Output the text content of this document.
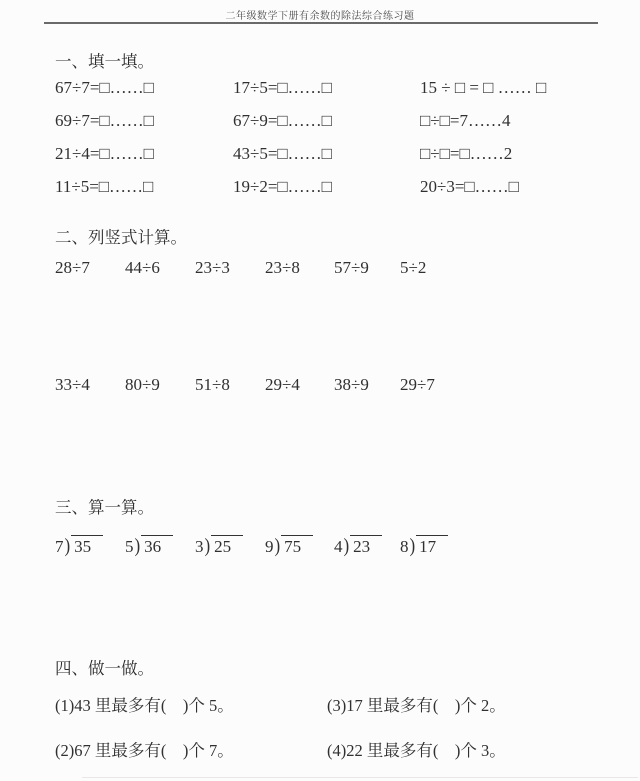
二年级数学下册有余数的除法综合练习题
一、填一填。
67÷7=□……□	17÷5=□……□	15 ÷ □ = □ …… □
69÷7=□……□	67÷9=□……□	□÷□=7……4
21÷4=□……□	43÷5=□……□	□÷□=□……2
11÷5=□……□	19÷2=□……□	20÷3=□……□
二、列竖式计算。
28÷7	44÷6	23÷3	23÷8	57÷9	5÷2
33÷4	80÷9	51÷8	29÷4	38÷9	29÷7
三、算一算。
7) 35	5) 36	3) 25	9) 75	4) 23	8) 17
四、做一做。
(1)43 里最多有(　)个 5。	(3)17 里最多有(　)个 2。
(2)67 里最多有(　)个 7。	(4)22 里最多有(　)个 3。
